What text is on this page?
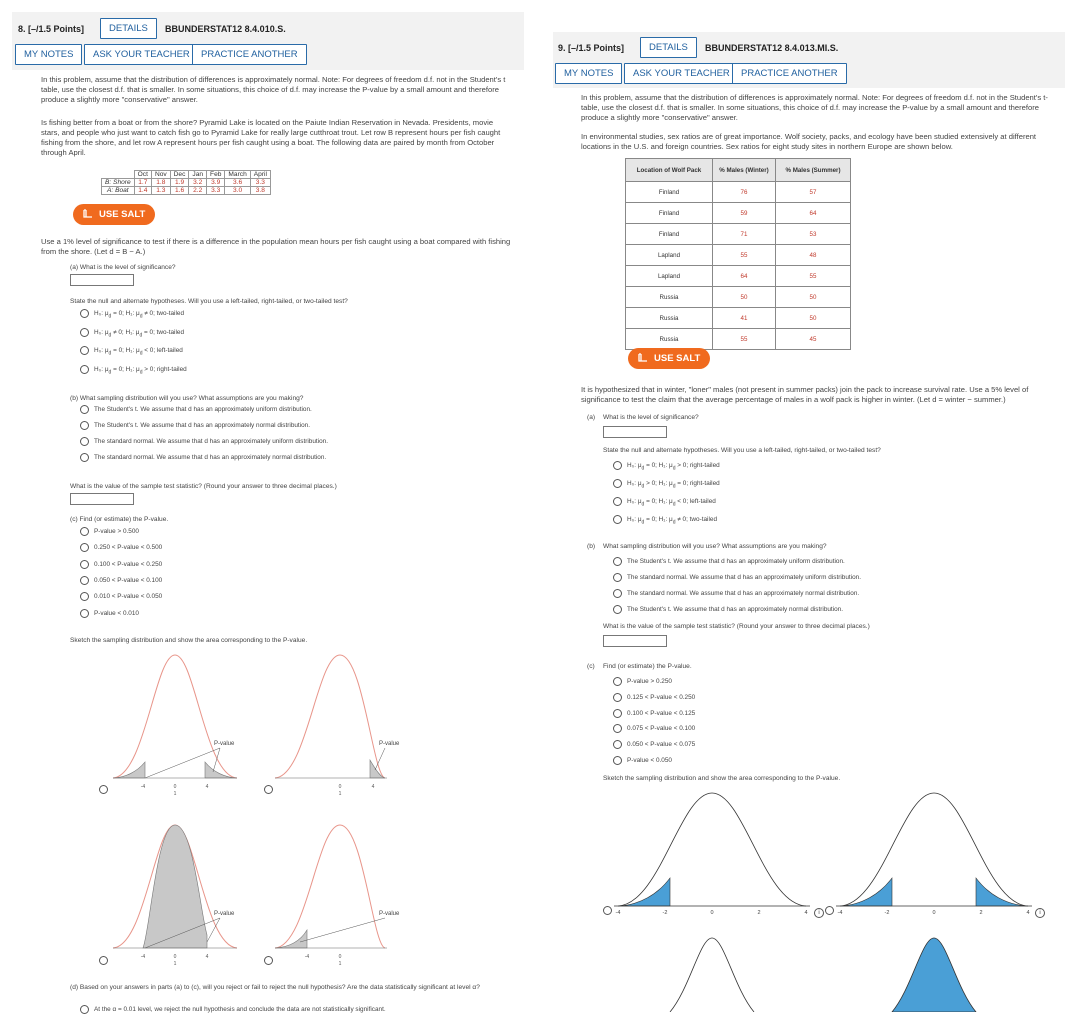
8. [–/1.5 Points]	DETAILS	BBUNDERSTAT12 8.4.010.S.
MY NOTES	ASK YOUR TEACHER	PRACTICE ANOTHER
In this problem, assume that the distribution of differences is approximately normal. Note: For degrees of freedom d.f. not in the Student's t table, use the closest d.f. that is smaller. In some situations, this choice of d.f. may increase the P-value by a small amount and therefore produce a slightly more "conservative" answer.
Is fishing better from a boat or from the shore? Pyramid Lake is located on the Paiute Indian Reservation in Nevada. Presidents, movie stars, and people who just want to catch fish go to Pyramid Lake for really large cutthroat trout. Let row B represent hours per fish caught fishing from the shore, and let row A represent hours per fish caught using a boat. The following data are paired by month from October through April.
	Oct	Nov	Dec	Jan	Feb	March	April
B: Shore	1.7	1.8	1.9	3.2	3.9	3.6	3.3
A: Boat	1.4	1.3	1.6	2.2	3.3	3.0	3.8
USE SALT
Use a 1% level of significance to test if there is a difference in the population mean hours per fish caught using a boat compared with fishing from the shore. (Let d = B − A.)
(a) What is the level of significance?
State the null and alternate hypotheses. Will you use a left-tailed, right-tailed, or two-tailed test?
H₀: $\mu_d = 0$; H₁: $\mu_d \ne 0$; two-tailed
H₀: $\mu_d \ne 0$; H₁: $\mu_d = 0$; two-tailed
H₀: $\mu_d = 0$; H₁: $\mu_d < 0$; left-tailed
H₀: $\mu_d = 0$; H₁: $\mu_d > 0$; right-tailed
(b) What sampling distribution will you use? What assumptions are you making?
The Student's t. We assume that d has an approximately uniform distribution.
The Student's t. We assume that d has an approximately normal distribution.
The standard normal. We assume that d has an approximately uniform distribution.
The standard normal. We assume that d has an approximately normal distribution.
What is the value of the sample test statistic? (Round your answer to three decimal places.)
(c) Find (or estimate) the P-value.
P-value > 0.500
0.250 < P-value < 0.500
0.100 < P-value < 0.250
0.050 < P-value < 0.100
0.010 < P-value < 0.050
P-value < 0.010
Sketch the sampling distribution and show the area corresponding to the P-value.
-4	0	4
1
0	4
1
-4	0	4
1
-4	0
1
P-value	P-value
P-value	P-value
(d) Based on your answers in parts (a) to (c), will you reject or fail to reject the null hypothesis? Are the data statistically significant at level α?
At the α = 0.01 level, we reject the null hypothesis and conclude the data are not statistically significant.
9. [–/1.5 Points]	DETAILS	BBUNDERSTAT12 8.4.013.MI.S.
MY NOTES	ASK YOUR TEACHER	PRACTICE ANOTHER
In this problem, assume that the distribution of differences is approximately normal. Note: For degrees of freedom d.f. not in the Student's t-table, use the closest d.f. that is smaller. In some situations, this choice of d.f. may increase the P-value by a small amount and therefore produce a slightly more "conservative" answer.
In environmental studies, sex ratios are of great importance. Wolf society, packs, and ecology have been studied extensively at different locations in the U.S. and foreign countries. Sex ratios for eight study sites in northern Europe are shown below.
Location of Wolf Pack	% Males (Winter)	% Males (Summer)
Finland	76	57
Finland	59	64
Finland	71	53
Lapland	55	48
Lapland	64	55
Russia	50	50
Russia	41	50
Russia	55	45
USE SALT
It is hypothesized that in winter, "loner" males (not present in summer packs) join the pack to increase survival rate. Use a 5% level of significance to test the claim that the average percentage of males in a wolf pack is higher in winter. (Let d = winter − summer.)
(a) What is the level of significance?
State the null and alternate hypotheses. Will you use a left-tailed, right-tailed, or two-tailed test?
H₀: $\mu_d = 0$; H₁: $\mu_d > 0$; right-tailed
H₀: $\mu_d > 0$; H₁: $\mu_d = 0$; right-tailed
H₀: $\mu_d = 0$; H₁: $\mu_d < 0$; left-tailed
H₀: $\mu_d = 0$; H₁: $\mu_d \ne 0$; two-tailed
(b) What sampling distribution will you use? What assumptions are you making?
The Student's t. We assume that d has an approximately uniform distribution.
The standard normal. We assume that d has an approximately uniform distribution.
The standard normal. We assume that d has an approximately normal distribution.
The Student's t. We assume that d has an approximately normal distribution.
What is the value of the sample test statistic? (Round your answer to three decimal places.)
(c) Find (or estimate) the P-value.
P-value > 0.250
0.125 < P-value < 0.250
0.100 < P-value < 0.125
0.075 < P-value < 0.100
0.050 < P-value < 0.075
P-value < 0.050
Sketch the sampling distribution and show the area corresponding to the P-value.
-4	-2	0	2	4	-4	-2	0	2	4
i	i
